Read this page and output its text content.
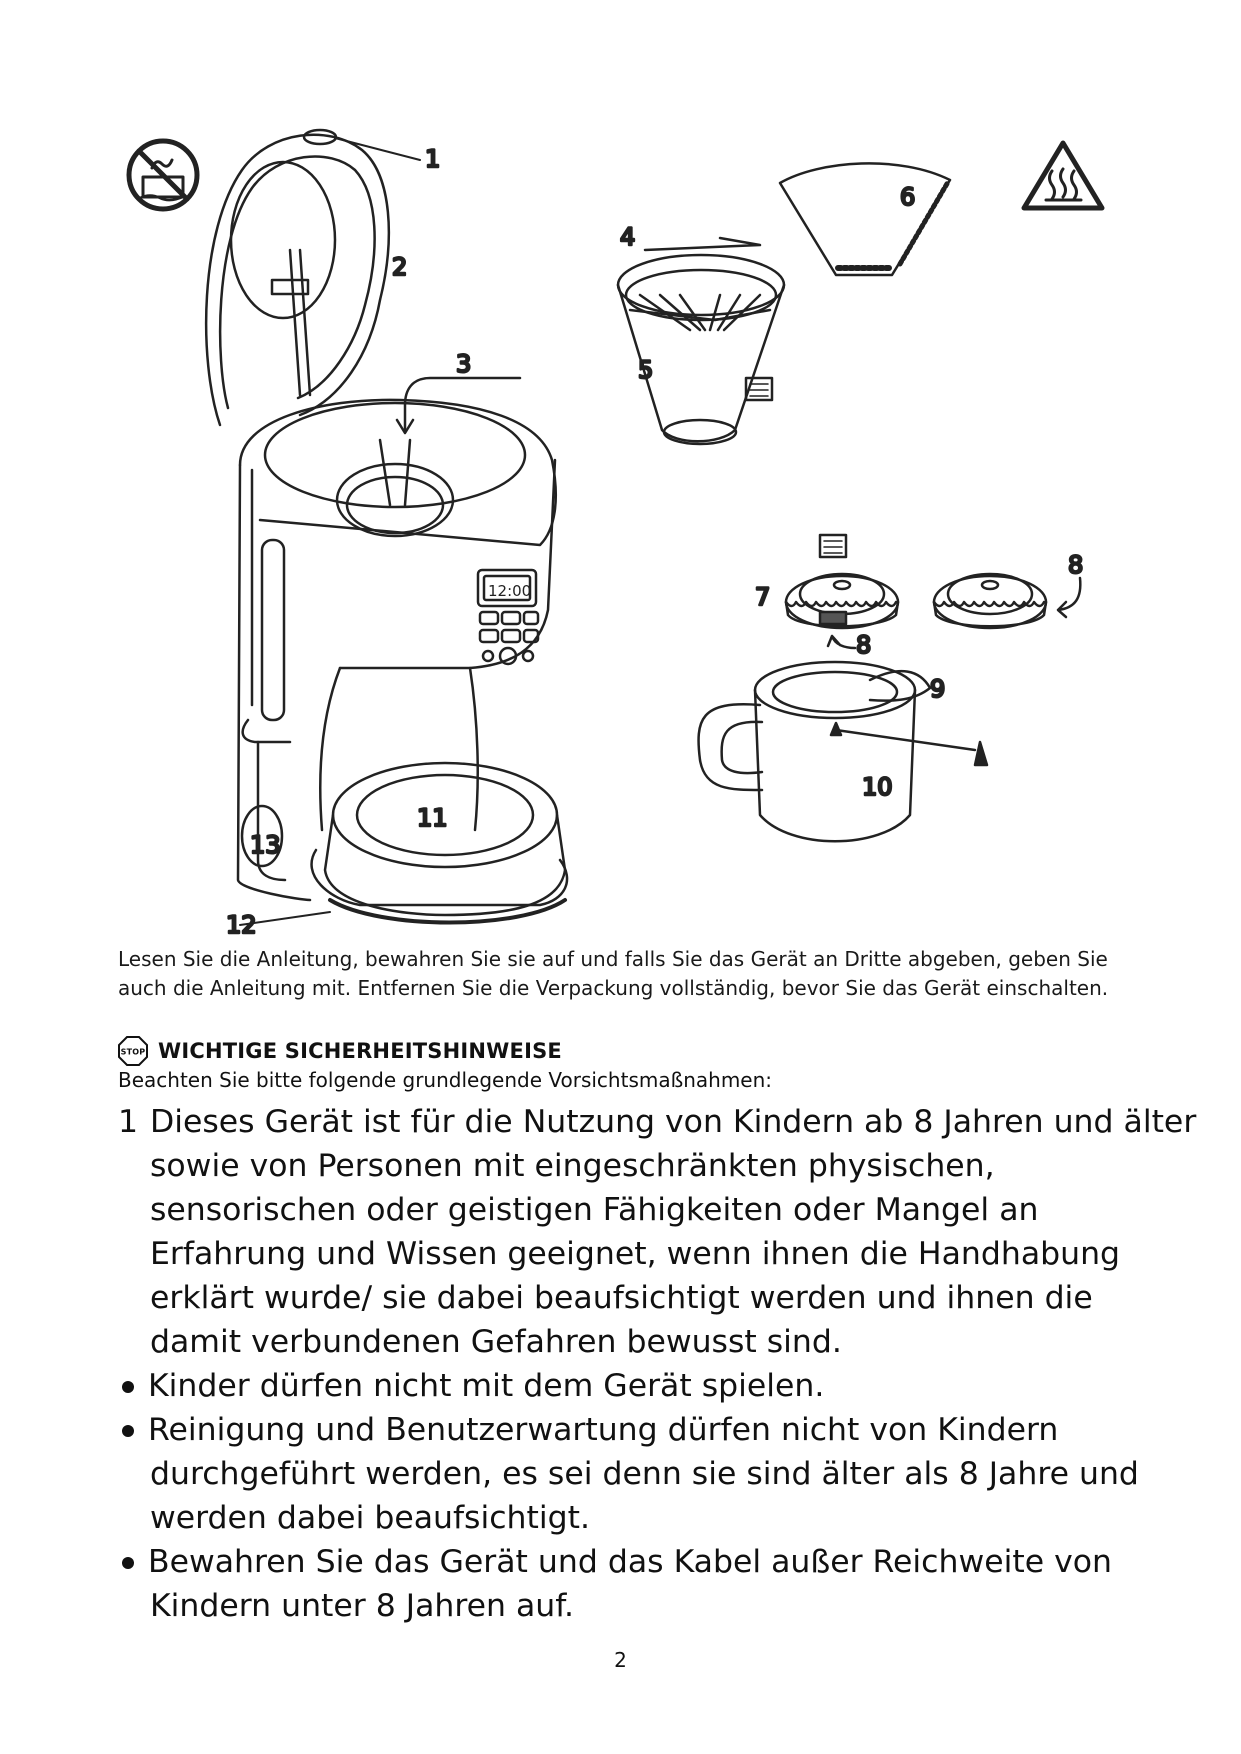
12:00
1
2
3
4
5
6
7
8
8
9
10
11
12
13
Lesen Sie die Anleitung, bewahren Sie sie auf und falls Sie das Gerät an Dritte abgeben, geben Sie auch die Anleitung mit. Entfernen Sie die Verpackung vollständig, bevor Sie das Gerät einschalten.
STOP WICHTIGE SICHERHEITSHINWEISE
Beachten Sie bitte folgende grundlegende Vorsichtsmaßnahmen:
1 Dieses Gerät ist für die Nutzung von Kindern ab 8 Jahren und älter
sowie von Personen mit eingeschränkten physischen,
sensorischen oder geistigen Fähigkeiten oder Mangel an
Erfahrung und Wissen geeignet, wenn ihnen die Handhabung
erklärt wurde/ sie dabei beaufsichtigt werden und ihnen die
damit verbundenen Gefahren bewusst sind.
Kinder dürfen nicht mit dem Gerät spielen.
Reinigung und Benutzerwartung dürfen nicht von Kindern
durchgeführt werden, es sei denn sie sind älter als 8 Jahre und
werden dabei beaufsichtigt.
Bewahren Sie das Gerät und das Kabel außer Reichweite von
Kindern unter 8 Jahren auf.
2
